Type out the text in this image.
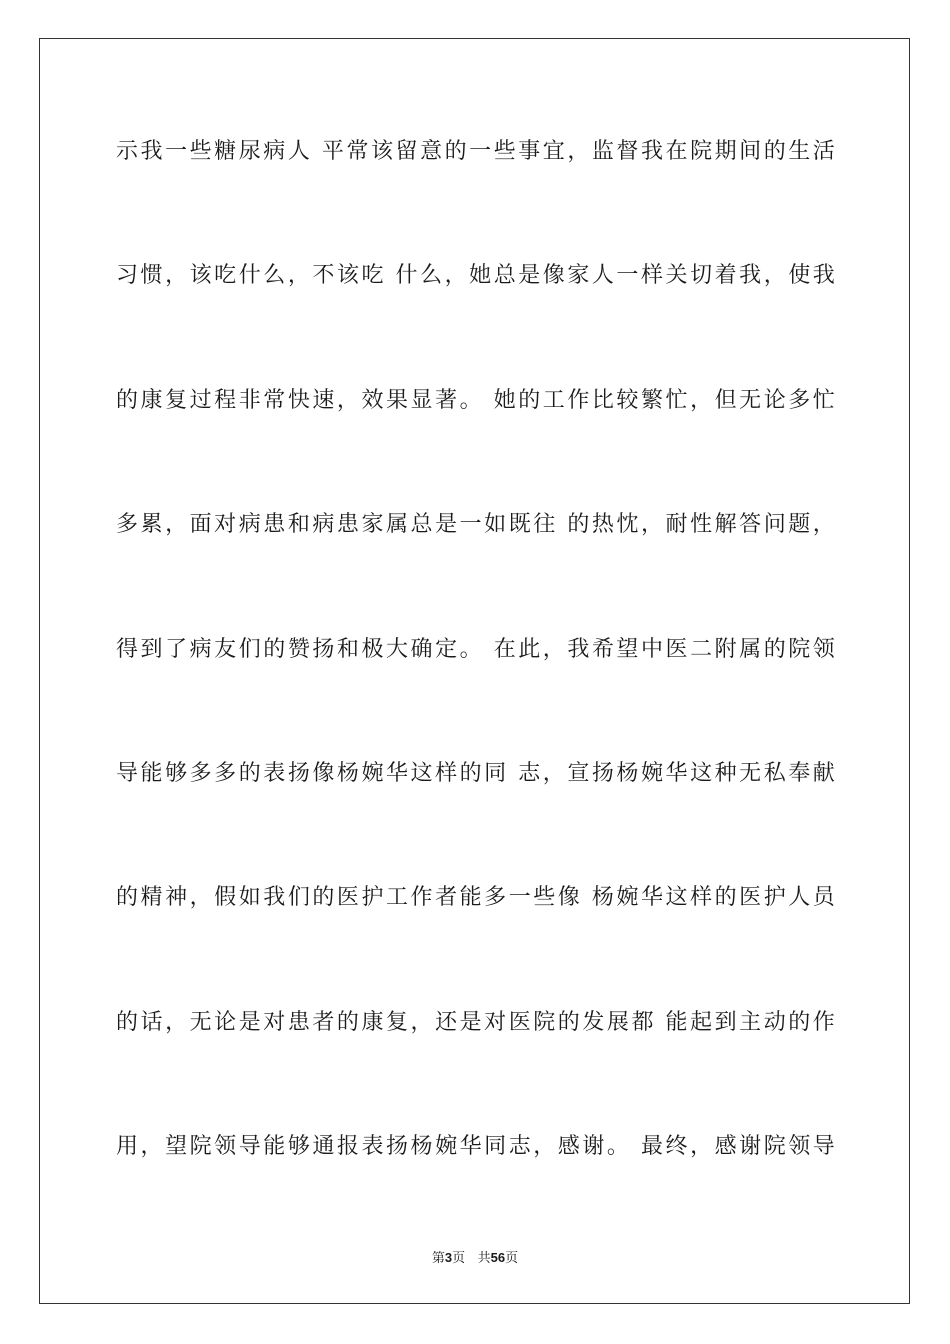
示我一些糖尿病人 平常该留意的一些事宜，监督我在院期间的生活
习惯，该吃什么，不该吃 什么，她总是像家人一样关切着我，使我
的康复过程非常快速，效果显著。 她的工作比较繁忙，但无论多忙
多累，面对病患和病患家属总是一如既往 的热忱，耐性解答问题，
得到了病友们的赞扬和极大确定。 在此，我希望中医二附属的院领
导能够多多的表扬像杨婉华这样的同 志，宣扬杨婉华这种无私奉献
的精神，假如我们的医护工作者能多一些像 杨婉华这样的医护人员
的话，无论是对患者的康复，还是对医院的发展都 能起到主动的作
用，望院领导能够通报表扬杨婉华同志，感谢。 最终，感谢院领导
第3页 共56页
